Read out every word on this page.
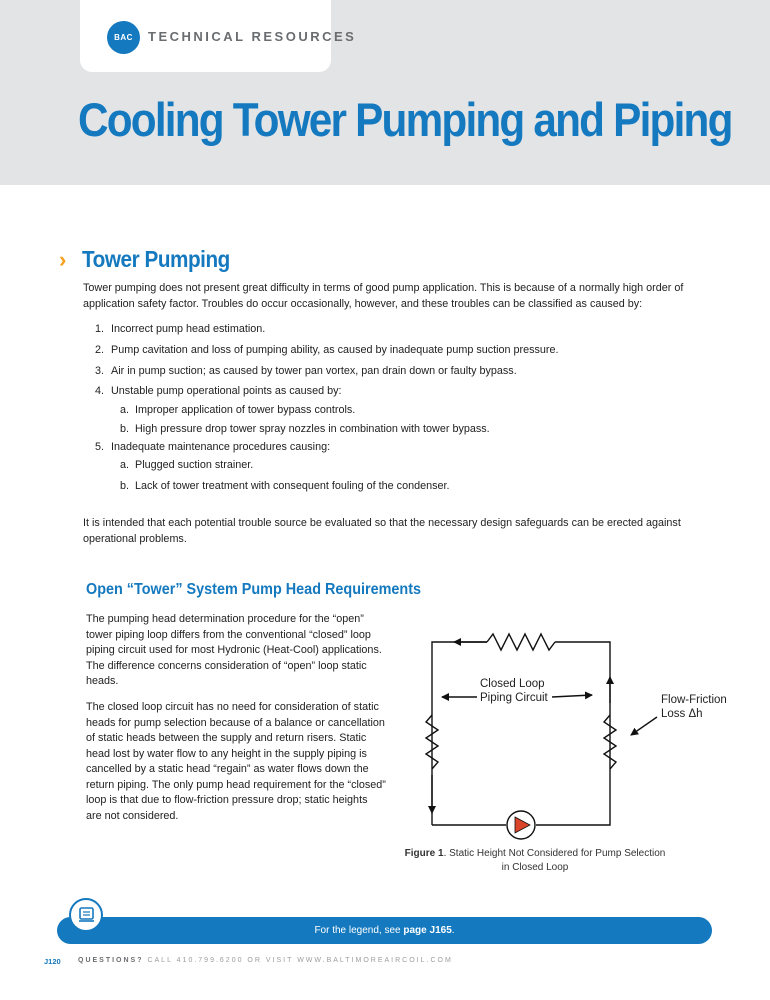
BAC TECHNICAL RESOURCES
Cooling Tower Pumping and Piping
› Tower Pumping

Tower pumping does not present great difficulty in terms of good pump application. This is because of a normally high order of application safety factor. Troubles do occur occasionally, however, and these troubles can be classified as caused by:

1. Incorrect pump head estimation.
2. Pump cavitation and loss of pumping ability, as caused by inadequate pump suction pressure.
3. Air in pump suction; as caused by tower pan vortex, pan drain down or faulty bypass.
4. Unstable pump operational points as caused by:
a. Improper application of tower bypass controls.
b. High pressure drop tower spray nozzles in combination with tower bypass.
5. Inadequate maintenance procedures causing:
a. Plugged suction strainer.
b. Lack of tower treatment with consequent fouling of the condenser.

It is intended that each potential trouble source be evaluated so that the necessary design safeguards can be erected against operational problems.

Open “Tower” System Pump Head Requirements

The pumping head determination procedure for the “open” tower piping loop differs from the conventional “closed” loop piping circuit used for most Hydronic (Heat-Cool) applications. The difference concerns consideration of “open” loop static heads.

The closed loop circuit has no need for consideration of static heads for pump selection because of a balance or cancellation of static heads between the supply and return risers. Static head lost by water flow to any height in the supply piping is cancelled by a static head “regain” as water flows down the return piping. The only pump head requirement for the “closed” loop is that due to flow-friction pressure drop; static heights are not considered.

Closed Loop
Piping Circuit	Flow-Friction
Loss Δh
Figure 1. Static Height Not Considered for Pump Selection in Closed Loop
For the legend, see page J165.
J120 QUESTIONS? CALL 410.799.6200 OR VISIT WWW.BALTIMOREAIRCOIL.COM
